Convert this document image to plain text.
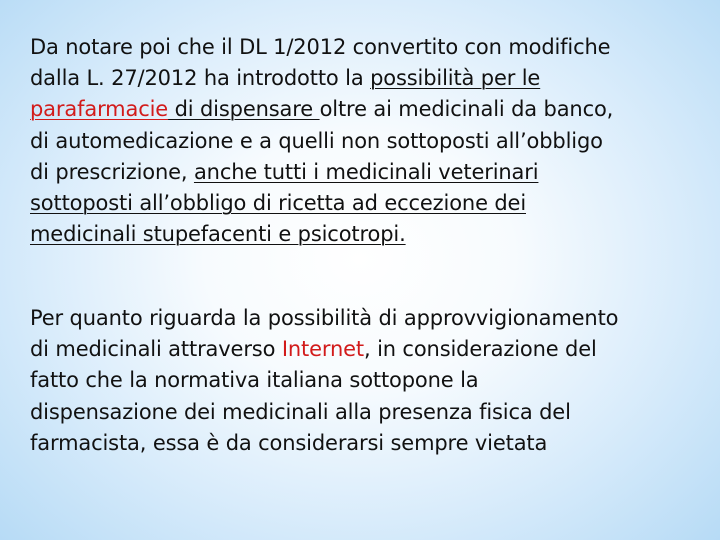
Da notare poi che il DL 1/2012 convertito con modifiche
dalla L. 27/2012 ha introdotto la possibilità per le
parafarmacie di dispensare oltre ai medicinali da banco,
di automedicazione e a quelli non sottoposti all’obbligo
di prescrizione, anche tutti i medicinali veterinari
sottoposti all’obbligo di ricetta ad eccezione dei
medicinali stupefacenti e psicotropi.

Per quanto riguarda la possibilità di approvvigionamento
di medicinali attraverso Internet, in considerazione del
fatto che la normativa italiana sottopone la
dispensazione dei medicinali alla presenza fisica del
farmacista, essa è da considerarsi sempre vietata
